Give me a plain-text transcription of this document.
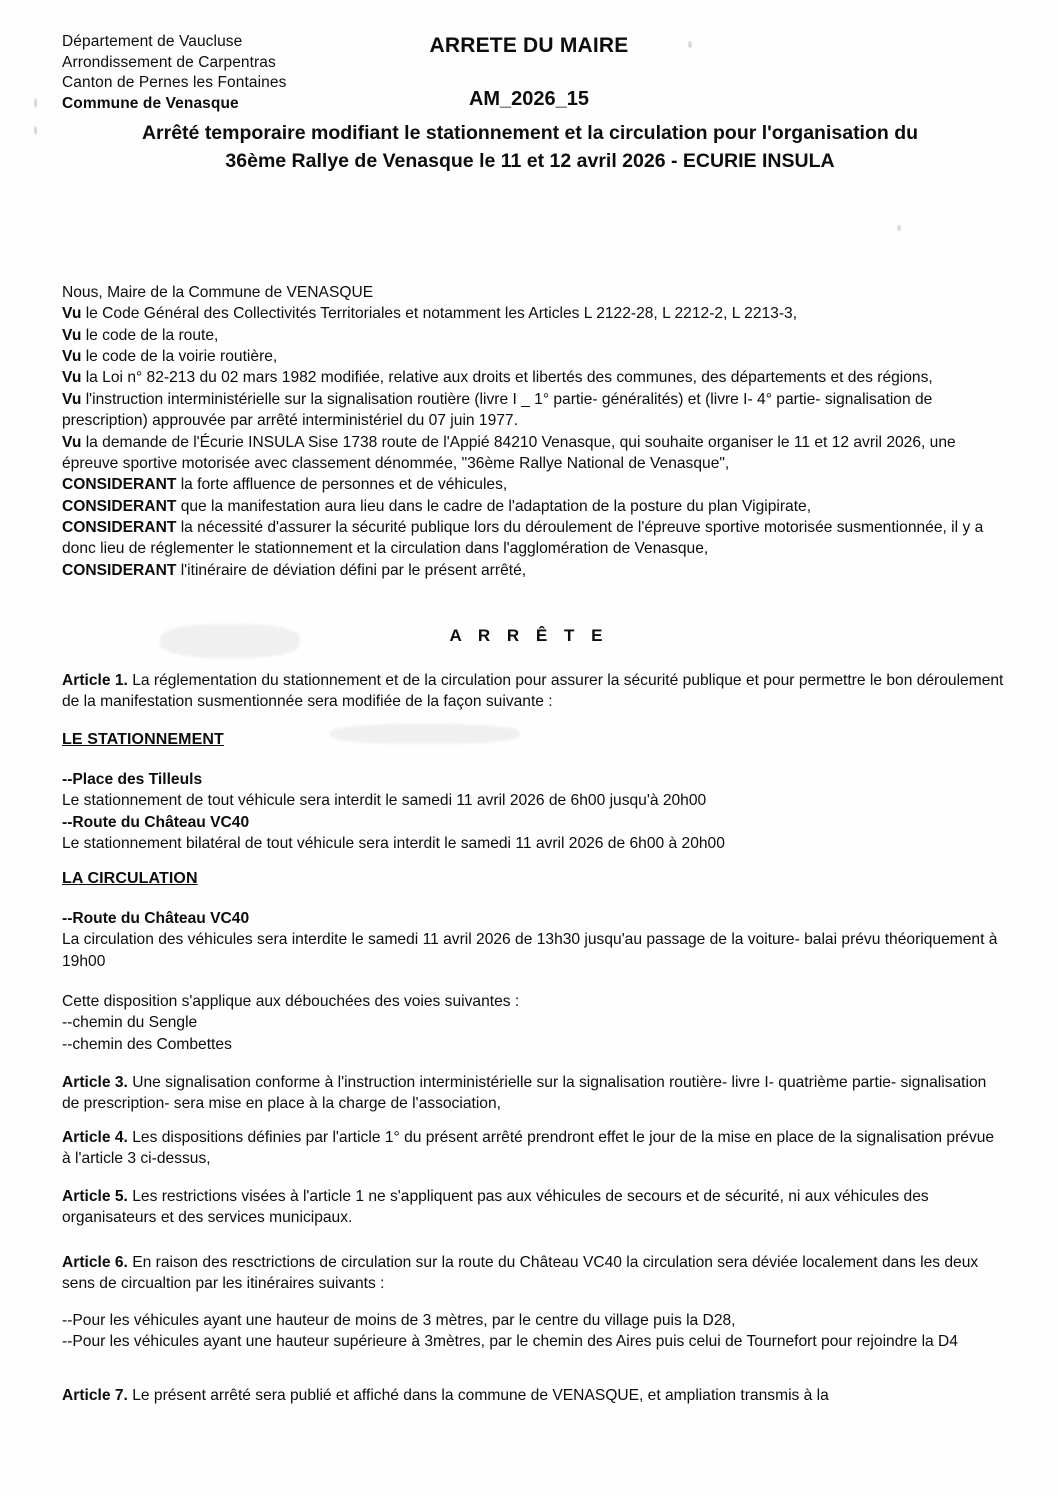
Département de Vaucluse
Arrondissement de Carpentras
Canton de Pernes les Fontaines
Commune de Venasque
ARRETE DU MAIRE
AM_2026_15
Arrêté temporaire modifiant le stationnement et la circulation pour l'organisation du 36ème Rallye de Venasque le 11 et 12 avril 2026 - ECURIE INSULA

Nous, Maire de la Commune de VENASQUE

Vu le Code Général des Collectivités Territoriales et notamment les Articles L 2122-28, L 2212-2, L 2213-3,

Vu le code de la route,

Vu le code de la voirie routière,

Vu la Loi n° 82-213 du 02 mars 1982 modifiée, relative aux droits et libertés des communes, des départements et des régions,

Vu l'instruction interministérielle sur la signalisation routière (livre I _ 1° partie- généralités) et (livre I- 4° partie- signalisation de prescription) approuvée par arrêté interministériel du 07 juin 1977.

Vu la demande de l'Écurie INSULA Sise 1738 route de l'Appié 84210 Venasque, qui souhaite organiser le 11 et 12 avril 2026, une épreuve sportive motorisée avec classement dénommée, "36ème Rallye National de Venasque",

CONSIDERANT la forte affluence de personnes et de véhicules,

CONSIDERANT que la manifestation aura lieu dans le cadre de l'adaptation de la posture du plan Vigipirate,

CONSIDERANT la nécessité d'assurer la sécurité publique lors du déroulement de l'épreuve sportive motorisée susmentionnée, il y a donc lieu de réglementer le stationnement et la circulation dans l'agglomération de Venasque,

CONSIDERANT l'itinéraire de déviation défini par le présent arrêté,

A R R Ê T E

Article 1. La réglementation du stationnement et de la circulation pour assurer la sécurité publique et pour permettre le bon déroulement de la manifestation susmentionnée sera modifiée de la façon suivante :

LE STATIONNEMENT

--Place des Tilleuls

Le stationnement de tout véhicule sera interdit le samedi 11 avril 2026 de 6h00 jusqu'à 20h00

--Route du Château VC40

Le stationnement bilatéral de tout véhicule sera interdit le samedi 11 avril 2026 de 6h00 à 20h00

LA CIRCULATION

--Route du Château VC40

La circulation des véhicules sera interdite le samedi 11 avril 2026 de 13h30 jusqu'au passage de la voiture- balai prévu théoriquement à 19h00

Cette disposition s'applique aux débouchées des voies suivantes :

--chemin du Sengle

--chemin des Combettes

Article 3. Une signalisation conforme à l'instruction interministérielle sur la signalisation routière- livre I- quatrième partie- signalisation de prescription- sera mise en place à la charge de l'association,

Article 4. Les dispositions définies par l'article 1° du présent arrêté prendront effet le jour de la mise en place de la signalisation prévue à l'article 3 ci-dessus,

Article 5. Les restrictions visées à l'article 1 ne s'appliquent pas aux véhicules de secours et de sécurité, ni aux véhicules des organisateurs et des services municipaux.

Article 6. En raison des resctrictions de circulation sur la route du Château VC40 la circulation sera déviée localement dans les deux sens de circualtion par les itinéraires suivants :

--Pour les véhicules ayant une hauteur de moins de 3 mètres, par le centre du village puis la D28,

--Pour les véhicules ayant une hauteur supérieure à 3mètres, par le chemin des Aires puis celui de Tournefort pour rejoindre la D4

Article 7. Le présent arrêté sera publié et affiché dans la commune de VENASQUE, et ampliation transmis à la
